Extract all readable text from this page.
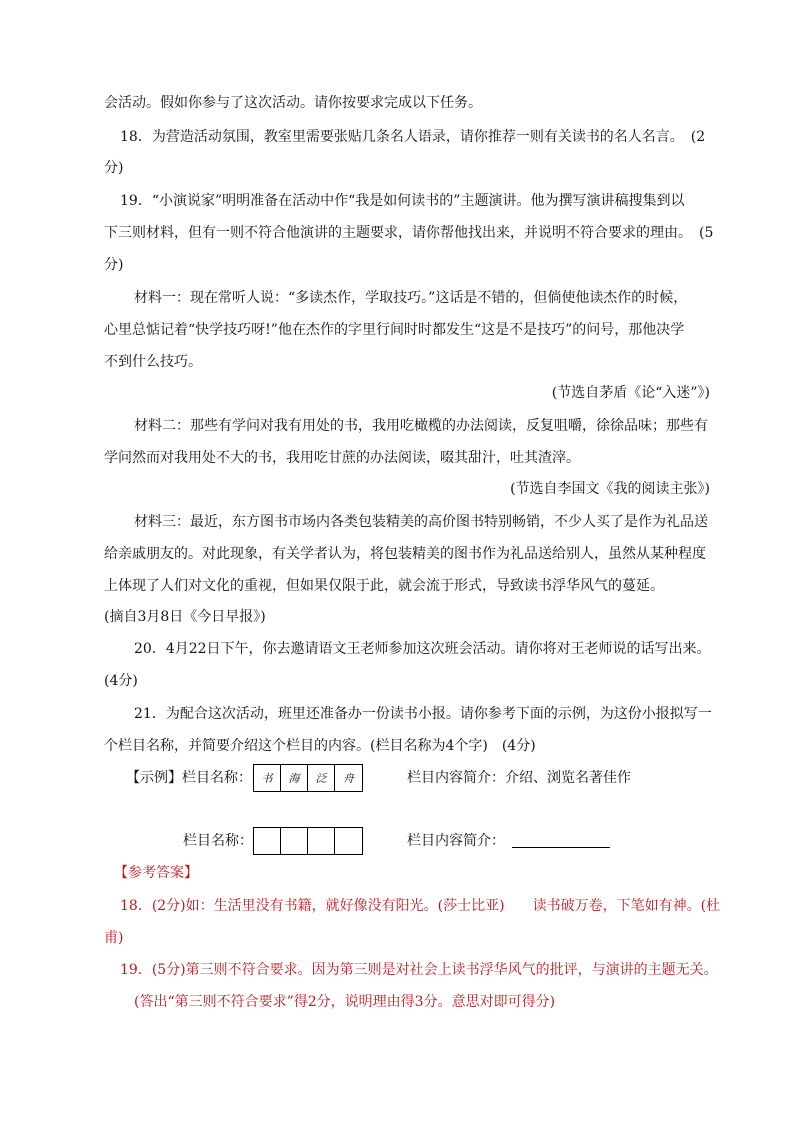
会活动。假如你参与了这次活动。请你按要求完成以下任务。
18．为营造活动氛围，教室里需要张贴几条名人语录，请你推荐一则有关读书的名人名言。　(2
分)
19．“小演说家”明明准备在活动中作“我是如何读书的”主题演讲。他为撰写演讲稿搜集到以
下三则材料，但有一则不符合他演讲的主题要求，请你帮他找出来，并说明不符合要求的理由。　(5
分)
材料一：现在常听人说：“多读杰作，学取技巧。”这话是不错的，但倘使他读杰作的时候，
心里总惦记着“快学技巧呀!”他在杰作的字里行间时时都发生“这是不是技巧”的问号，那他决学
不到什么技巧。
(节选自茅盾《论“入迷”》)
材料二：那些有学问对我有用处的书，我用吃橄榄的办法阅读，反复咀嚼，徐徐品味；那些有
学问然而对我用处不大的书，我用吃甘蔗的办法阅读，啜其甜汁，吐其渣滓。
(节选自李国文《我的阅读主张》)
材料三：最近，东方图书市场内各类包装精美的高价图书特别畅销，不少人买了是作为礼品送
给亲戚朋友的。对此现象，有关学者认为，将包装精美的图书作为礼品送给别人，虽然从某种程度
上体现了人们对文化的重视，但如果仅限于此，就会流于形式，导致读书浮华风气的蔓延。
(摘自3月8日《今日早报》)
20．4月22日下午，你去邀请语文王老师参加这次班会活动。请你将对王老师说的话写出来。
(4分)
21．为配合这次活动，班里还准备办一份读书小报。请你参考下面的示例，为这份小报拟写一
个栏目名称，并简要介绍这个栏目的内容。(栏目名称为4个字)　(4分)
【示例】栏目名称： 书	海	泛	舟	栏目内容简介：介绍、浏览名著佳作
栏目名称：	栏目内容简介：
【参考答案】
18．(2分)如：生活里没有书籍，就好像没有阳光。(莎士比亚)　　读书破万卷，下笔如有神。(杜
甫)
19．(5分)第三则不符合要求。因为第三则是对社会上读书浮华风气的批评，与演讲的主题无关。
(答出“第三则不符合要求”得2分，说明理由得3分。意思对即可得分)
